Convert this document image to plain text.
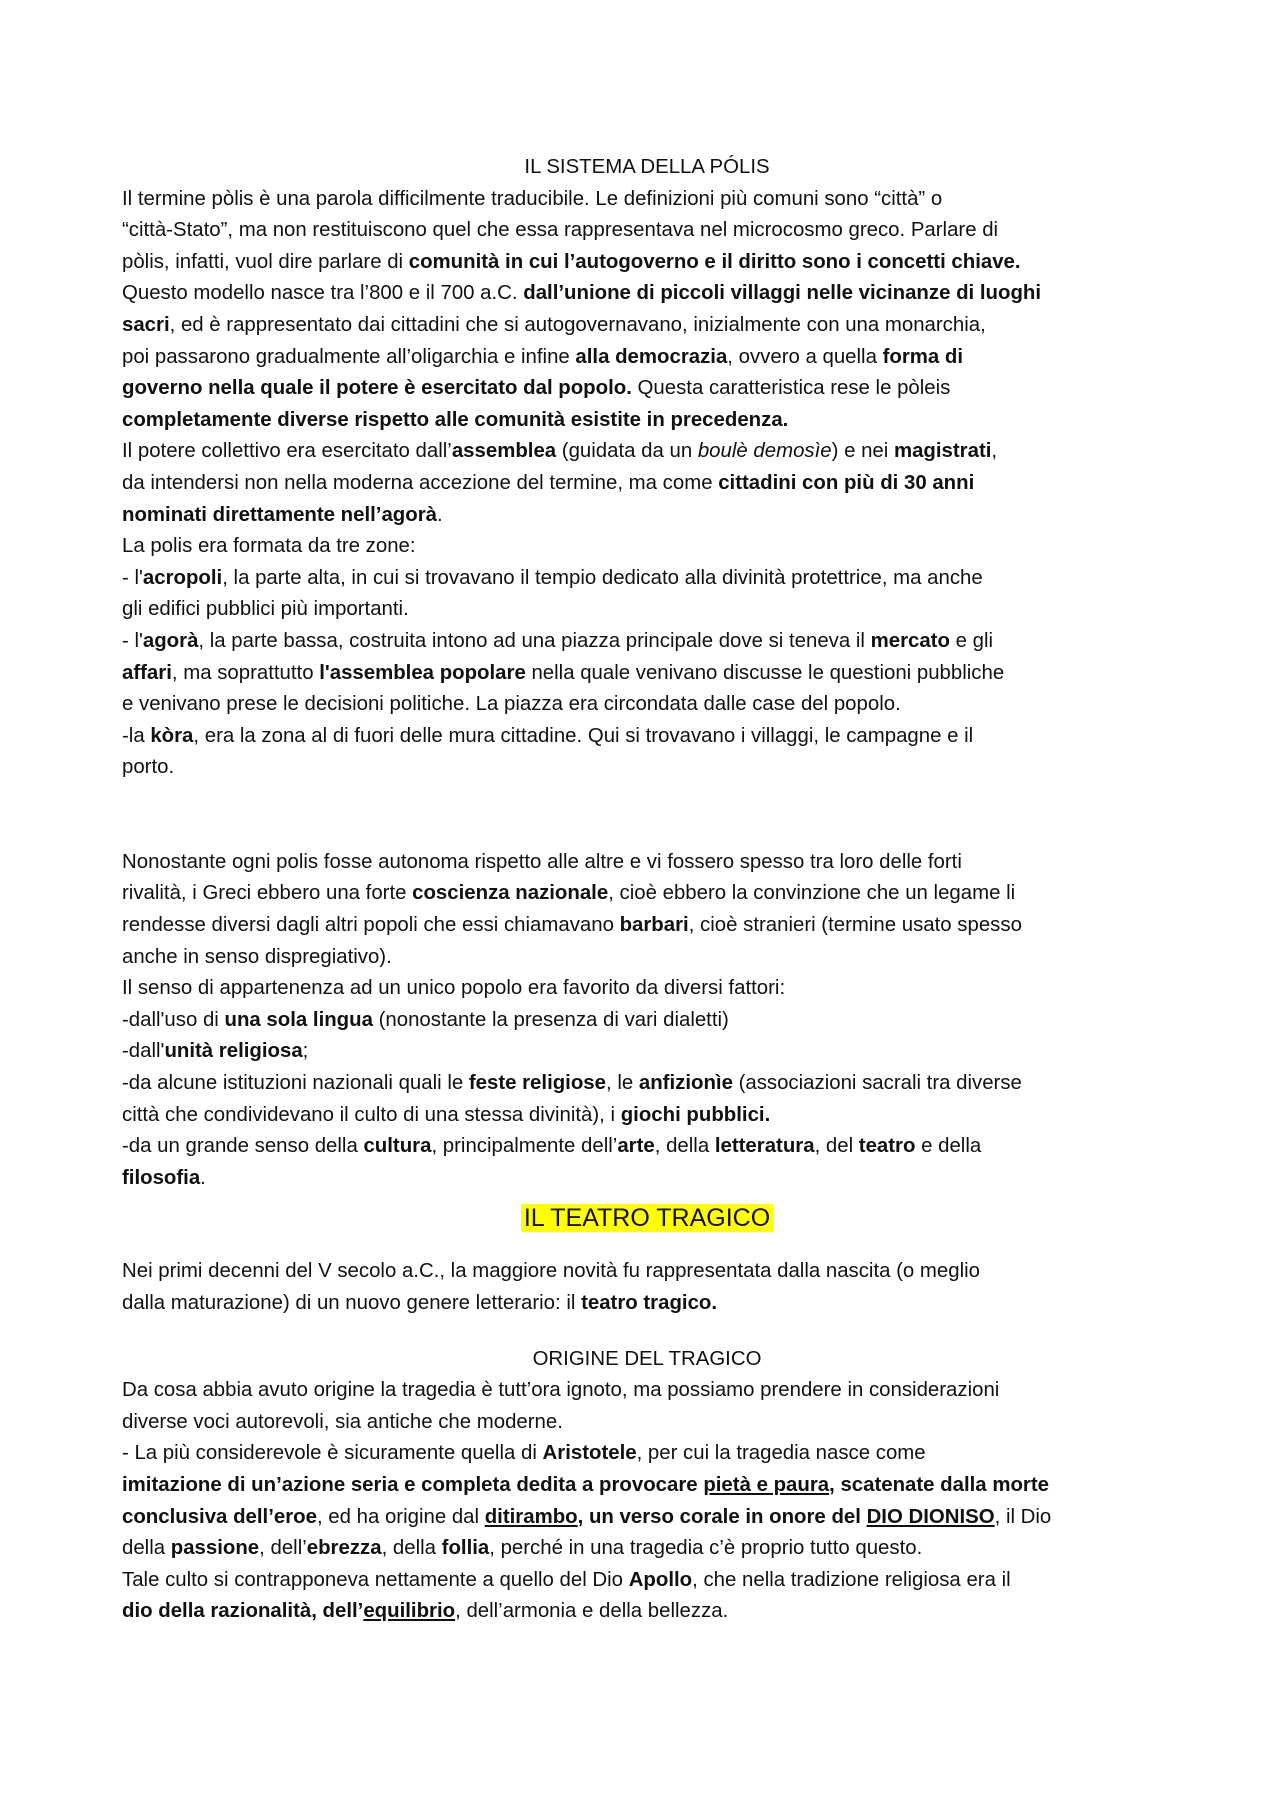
IL SISTEMA DELLA PÓLIS
Il termine pòlis è una parola difficilmente traducibile. Le definizioni più comuni sono “città” o
“città-Stato”, ma non restituiscono quel che essa rappresentava nel microcosmo greco. Parlare di
pòlis, infatti, vuol dire parlare di comunità in cui l’autogoverno e il diritto sono i concetti chiave.
Questo modello nasce tra l’800 e il 700 a.C. dall’unione di piccoli villaggi nelle vicinanze di luoghi
sacri, ed è rappresentato dai cittadini che si autogovernavano, inizialmente con una monarchia,
poi passarono gradualmente all’oligarchia e infine alla democrazia, ovvero a quella forma di
governo nella quale il potere è esercitato dal popolo. Questa caratteristica rese le pòleis
completamente diverse rispetto alle comunità esistite in precedenza.
Il potere collettivo era esercitato dall’assemblea (guidata da un boulè demosìe) e nei magistrati,
da intendersi non nella moderna accezione del termine, ma come cittadini con più di 30 anni
nominati direttamente nell’agorà.
La polis era formata da tre zone:
- l'acropoli, la parte alta, in cui si trovavano il tempio dedicato alla divinità protettrice, ma anche
gli edifici pubblici più importanti.
- l'agorà, la parte bassa, costruita intono ad una piazza principale dove si teneva il mercato e gli
affari, ma soprattutto l'assemblea popolare nella quale venivano discusse le questioni pubbliche
e venivano prese le decisioni politiche. La piazza era circondata dalle case del popolo.
-la kòra, era la zona al di fuori delle mura cittadine. Qui si trovavano i villaggi, le campagne e il
porto.
Nonostante ogni polis fosse autonoma rispetto alle altre e vi fossero spesso tra loro delle forti
rivalità, i Greci ebbero una forte coscienza nazionale, cioè ebbero la convinzione che un legame li
rendesse diversi dagli altri popoli che essi chiamavano barbari, cioè stranieri (termine usato spesso
anche in senso dispregiativo).
Il senso di appartenenza ad un unico popolo era favorito da diversi fattori:
-dall'uso di una sola lingua (nonostante la presenza di vari dialetti)
-dall'unità religiosa;
-da alcune istituzioni nazionali quali le feste religiose, le anfizionìe (associazioni sacrali tra diverse
città che condividevano il culto di una stessa divinità), i giochi pubblici.
-da un grande senso della cultura, principalmente dell’arte, della letteratura, del teatro e della
filosofia.
IL TEATRO TRAGICO
Nei primi decenni del V secolo a.C., la maggiore novità fu rappresentata dalla nascita (o meglio
dalla maturazione) di un nuovo genere letterario: il teatro tragico.
ORIGINE DEL TRAGICO
Da cosa abbia avuto origine la tragedia è tutt’ora ignoto, ma possiamo prendere in considerazioni
diverse voci autorevoli, sia antiche che moderne.
- La più considerevole è sicuramente quella di Aristotele, per cui la tragedia nasce come
imitazione di un’azione seria e completa dedita a provocare pietà e paura, scatenate dalla morte
conclusiva dell’eroe, ed ha origine dal ditirambo, un verso corale in onore del DIO DIONISO, il Dio
della passione, dell’ebrezza, della follia, perché in una tragedia c’è proprio tutto questo.
Tale culto si contrapponeva nettamente a quello del Dio Apollo, che nella tradizione religiosa era il
dio della razionalità, dell’equilibrio, dell’armonia e della bellezza.
